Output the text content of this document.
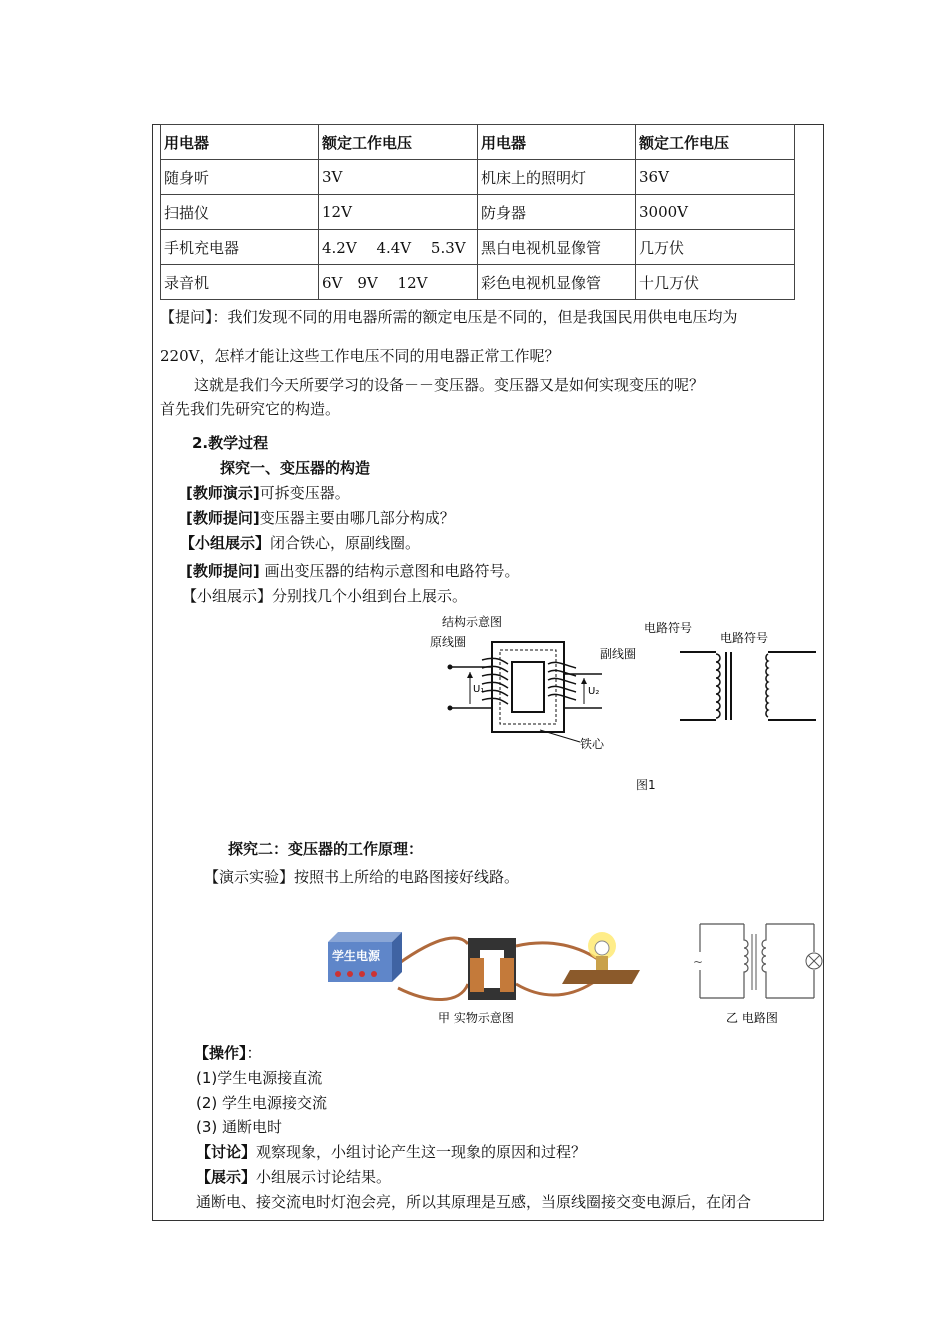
用电器	额定工作电压	用电器	额定工作电压
随身听	3V	机床上的照明灯	36V
扫描仪	12V	防身器	3000V
手机充电器	4.2V　 4.4V　 5.3V	黑白电视机显像管	几万伏
录音机	6V　9V　 12V	彩色电视机显像管	十几万伏
【提问】：我们发现不同的用电器所需的额定电压是不同的，但是我国民用供电电压均为
220V，怎样才能让这些工作电压不同的用电器正常工作呢？
这就是我们今天所要学习的设备－－变压器。变压器又是如何实现变压的呢？
首先我们先研究它的构造。
2.教学过程
探究一、变压器的构造
[教师演示]可拆变压器。
[教师提问]变压器主要由哪几部分构成？
【小组展示】闭合铁心，原副线圈。
[教师提问] 画出变压器的结构示意图和电路符号。
【小组展示】分别找几个小组到台上展示。
结构示意图
原线圈
副线圈
铁心
U₁	U₂
电路符号
电路符号
图1
探究二：变压器的工作原理：
【演示实验】按照书上所给的电路图接好线路。
学生电源
甲 实物示意图
~
乙 电路图
【操作】：
(1)学生电源接直流
(2) 学生电源接交流
(3) 通断电时
【讨论】观察现象，小组讨论产生这一现象的原因和过程？
【展示】小组展示讨论结果。
通断电、接交流电时灯泡会亮，所以其原理是互感，当原线圈接交变电源后，在闭合
